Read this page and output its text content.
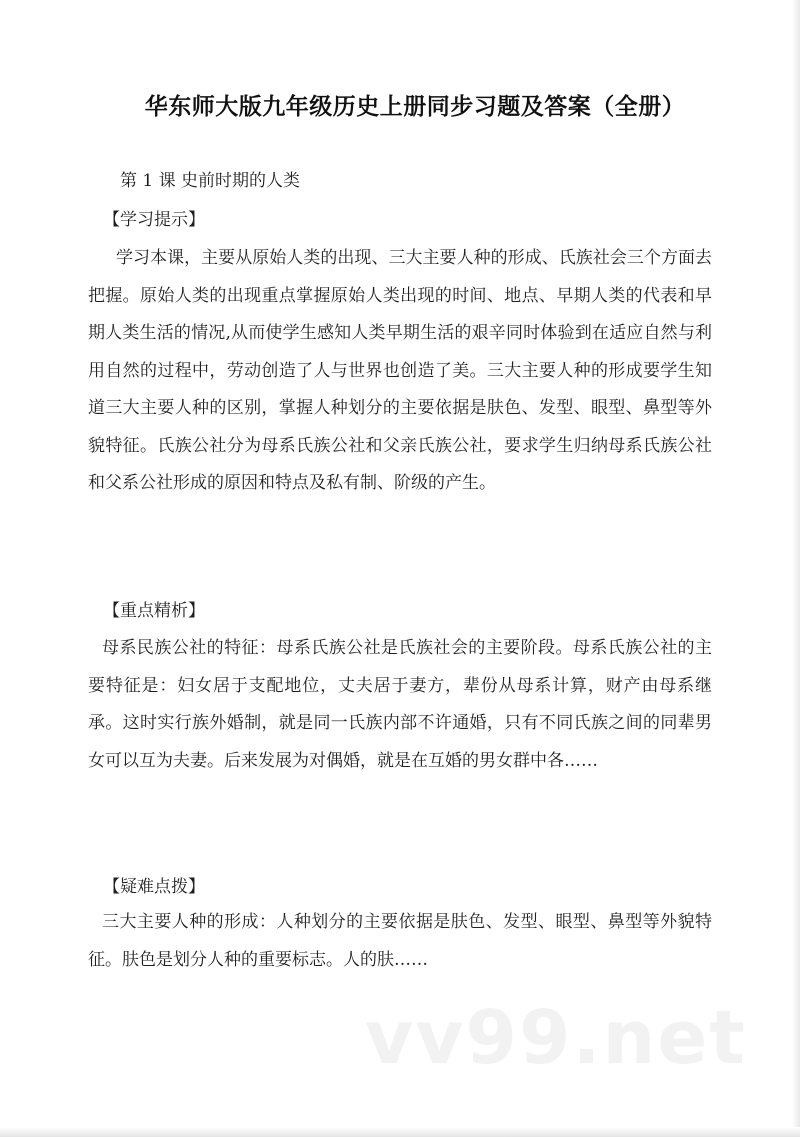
华东师大版九年级历史上册同步习题及答案（全册）
第 1 课 史前时期的人类
【学习提示】

学习本课，主要从原始人类的出现、三大主要人种的形成、氏族社会三个方面去把握。原始人类的出现重点掌握原始人类出现的时间、地点、早期人类的代表和早期人类生活的情况,从而使学生感知人类早期生活的艰辛同时体验到在适应自然与利用自然的过程中，劳动创造了人与世界也创造了美。三大主要人种的形成要学生知道三大主要人种的区别，掌握人种划分的主要依据是肤色、发型、眼型、鼻型等外貌特征。氏族公社分为母系氏族公社和父亲氏族公社，要求学生归纳母系氏族公社和父系公社形成的原因和特点及私有制、阶级的产生。

【重点精析】

母系民族公社的特征：母系氏族公社是氏族社会的主要阶段。母系氏族公社的主要特征是：妇女居于支配地位，丈夫居于妻方，辈份从母系计算，财产由母系继承。这时实行族外婚制，就是同一氏族内部不许通婚，只有不同氏族之间的同辈男女可以互为夫妻。后来发展为对偶婚，就是在互婚的男女群中各……

【疑难点拨】

三大主要人种的形成：人种划分的主要依据是肤色、发型、眼型、鼻型等外貌特征。肤色是划分人种的重要标志。人的肤……

vv99.net
